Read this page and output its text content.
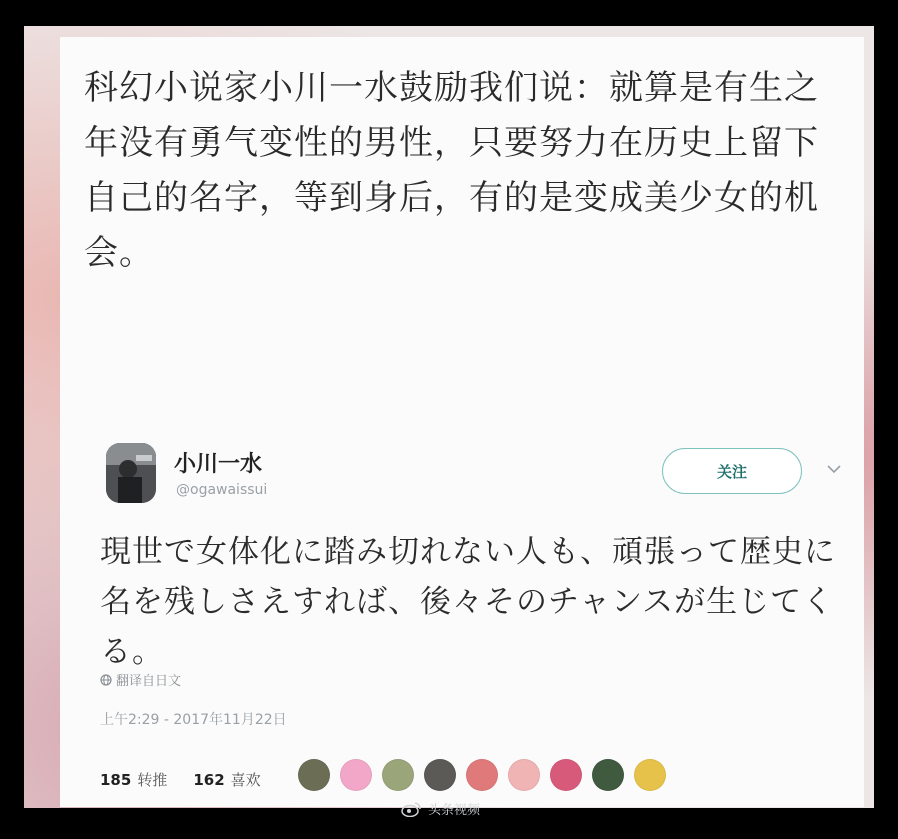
科幻小说家小川一水鼓励我们说：就算是有生之年没有勇气变性的男性，只要努力在历史上留下自己的名字，等到身后，有的是变成美少女的机会。
小川一水
@ogawaissui
关注
現世で女体化に踏み切れない人も、頑張って歴史に名を残しさえすれば、後々そのチャンスが生じてくる。
翻译自日文
上午2:29 - 2017年11月22日
185 转推 162 喜欢
头条视频
